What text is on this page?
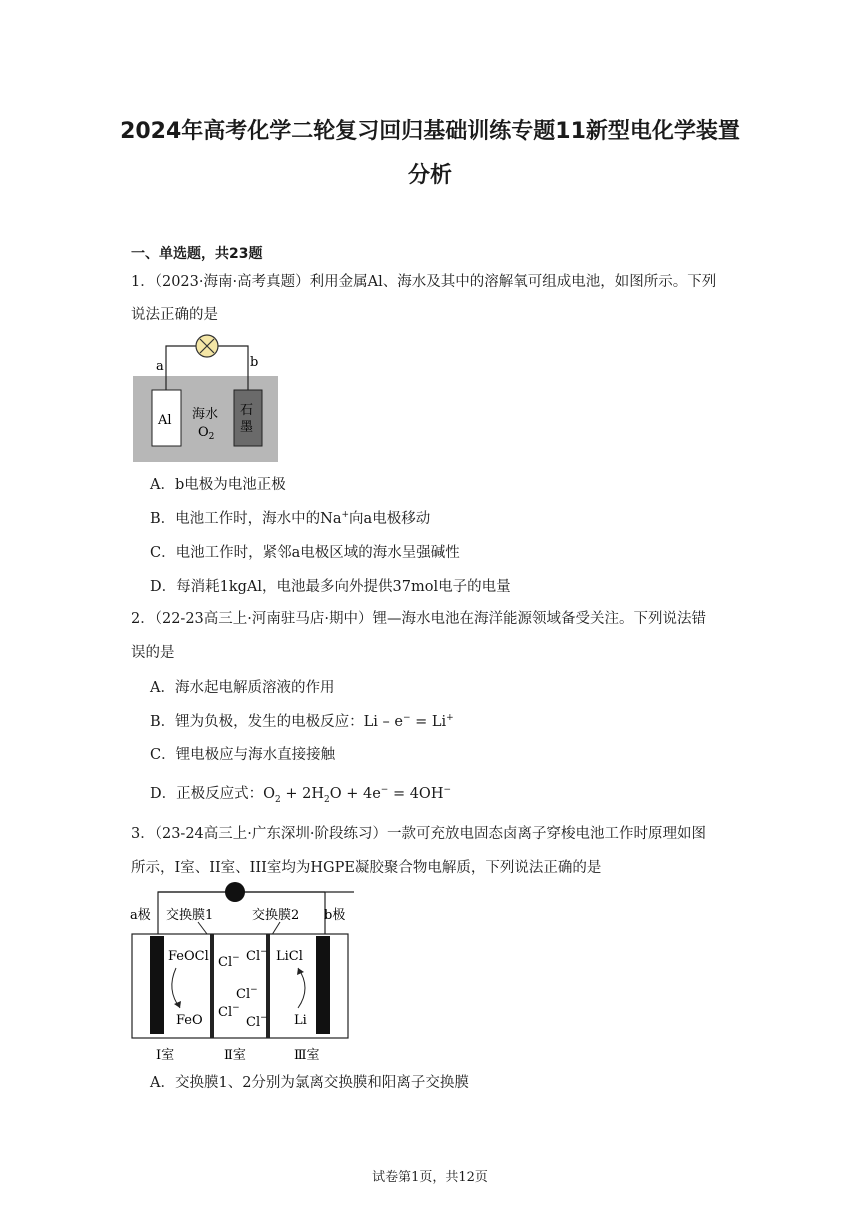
2024年高考化学二轮复习回归基础训练专题11新型电化学装置
分析
一、单选题，共23题
1．（2023·海南·高考真题）利用金属Al、海水及其中的溶解氧可组成电池，如图所示。下列
说法正确的是
a	b
Al
石
墨
海水
$O_2$
A．b电极为电池正极
B．电池工作时，海水中的Na+向a电极移动
C．电池工作时，紧邻a电极区域的海水呈强碱性
D．每消耗1kgAl，电池最多向外提供37mol电子的电量
2．（22-23高三上·河南驻马店·期中）锂—海水电池在海洋能源领域备受关注。下列说法错
误的是
A．海水起电解质溶液的作用
B．锂为负极，发生的电极反应：Li – e− = Li+
C．锂电极应与海水直接接触
D．正极反应式：$O_2 + 2H_2O + 4e^- = 4OH^-$
3．（23-24高三上·广东深圳·阶段练习）一款可充放电固态卤离子穿梭电池工作时原理如图
所示，I室、II室、III室均为HGPE凝胶聚合物电解质，下列说法正确的是
a极 交换膜1	交换膜2 b极
FeOCl
FeO
LiCl
Li
Cl− Cl−
Cl−
Cl−
Cl−
Ⅰ室	Ⅱ室	Ⅲ室
A．交换膜1、2分别为氯离交换膜和阳离子交换膜
试卷第1页，共12页
